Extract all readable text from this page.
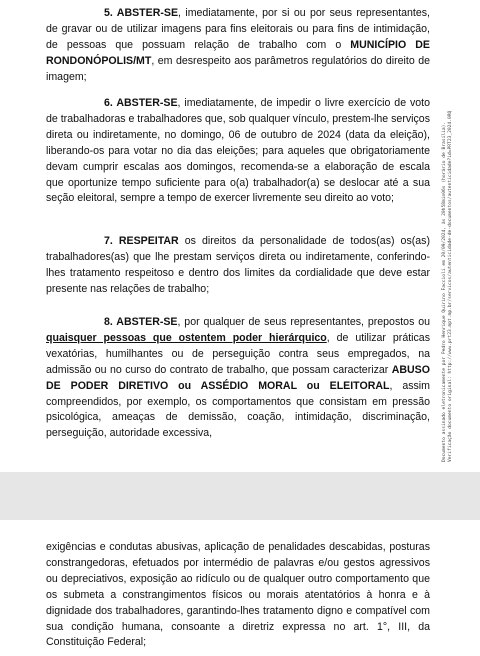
5. ABSTER-SE, imediatamente, por si ou por seus representantes, de gravar ou de utilizar imagens para fins eleitorais ou para fins de intimidação, de pessoas que possuam relação de trabalho com o MUNICÍPIO DE RONDONÓPOLIS/MT, em desrespeito aos parâmetros regulatórios do direito de imagem;

6. ABSTER-SE, imediatamente, de impedir o livre exercício de voto de trabalhadoras e trabalhadores que, sob qualquer vínculo, prestem-lhe serviços direta ou indiretamente, no domingo, 06 de outubro de 2024 (data da eleição), liberando-os para votar no dia das eleições; para aqueles que obrigatoriamente devam cumprir escalas aos domingos, recomenda-se a elaboração de escala que oportunize tempo suficiente para o(a) trabalhador(a) se deslocar até a sua seção eleitoral, sempre a tempo de exercer livremente seu direito ao voto;

7. RESPEITAR os direitos da personalidade de todos(as) os(as) trabalhadores(as) que lhe prestam serviços direta ou indiretamente, conferindo-lhes tratamento respeitoso e dentro dos limites da cordialidade que deve estar presente nas relações de trabalho;

8. ABSTER-SE, por qualquer de seus representantes, prepostos ou quaisquer pessoas que ostentem poder hierárquico, de utilizar práticas vexatórias, humilhantes ou de perseguição contra seus empregados, na admissão ou no curso do contrato de trabalho, que possam caracterizar ABUSO DE PODER DIRETIVO ou ASSÉDIO MORAL ou ELEITORAL, assim compreendidos, por exemplo, os comportamentos que consistam em pressão psicológica, ameaças de demissão, coação, intimidação, discriminação, perseguição, autoridade excessiva,	Documento assinado eletronicamente por Pedro Henrique Quirino Faccioli em 20/09/2024, às 20h58min06s (horário de Brasília). Verificação documento original: http://www.prt23.mpt.mp.br/servicos/autenticidade-de-documentos/autenticidade?id=PRT23_2024.0RQ

exigências e condutas abusivas, aplicação de penalidades descabidas, posturas constrangedoras, efetuados por intermédio de palavras e/ou gestos agressivos ou depreciativos, exposição ao ridículo ou de qualquer outro comportamento que os submeta a constrangimentos físicos ou morais atentatórios à honra e à dignidade dos trabalhadores, garantindo-lhes tratamento digno e compatível com sua condição humana, consoante a diretriz expressa no art. 1°, III, da Constituição Federal;
